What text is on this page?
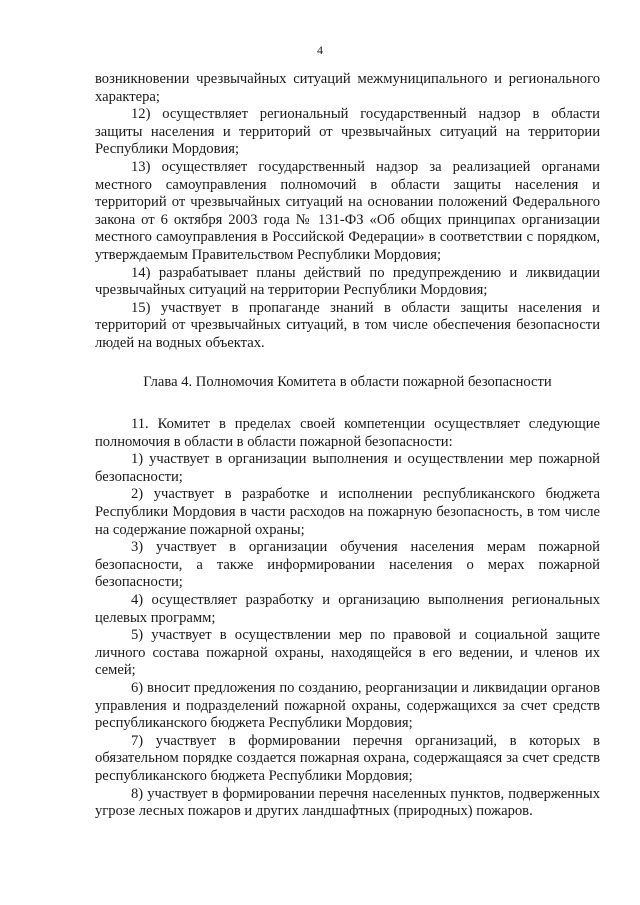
4

возникновении чрезвычайных ситуаций межмуниципального и регионального характера;

12) осуществляет региональный государственный надзор в области защиты населения и территорий от чрезвычайных ситуаций на территории Республики Мордовия;

13) осуществляет государственный надзор за реализацией органами местного самоуправления полномочий в области защиты населения и территорий от чрезвычайных ситуаций на основании положений Федерального закона от 6 октября 2003 года № 131-ФЗ «Об общих принципах организации местного самоуправления в Российской Федерации» в соответствии с порядком, утверждаемым Правительством Республики Мордовия;

14) разрабатывает планы действий по предупреждению и ликвидации чрезвычайных ситуаций на территории Республики Мордовия;

15) участвует в пропаганде знаний в области защиты населения и территорий от чрезвычайных ситуаций, в том числе обеспечения безопасности людей на водных объектах.

Глава 4. Полномочия Комитета в области пожарной безопасности

11. Комитет в пределах своей компетенции осуществляет следующие полномочия в области в области пожарной безопасности:

1) участвует в организации выполнения и осуществлении мер пожарной безопасности;

2) участвует в разработке и исполнении республиканского бюджета Республики Мордовия в части расходов на пожарную безопасность, в том числе на содержание пожарной охраны;

3) участвует в организации обучения населения мерам пожарной безопасности, а также информировании населения о мерах пожарной безопасности;

4) осуществляет разработку и организацию выполнения региональных целевых программ;

5) участвует в осуществлении мер по правовой и социальной защите личного состава пожарной охраны, находящейся в его ведении, и членов их семей;

6) вносит предложения по созданию, реорганизации и ликвидации органов управления и подразделений пожарной охраны, содержащихся за счет средств республиканского бюджета Республики Мордовия;

7) участвует в формировании перечня организаций, в которых в обязательном порядке создается пожарная охрана, содержащаяся за счет средств республиканского бюджета Республики Мордовия;

8) участвует в формировании перечня населенных пунктов, подверженных угрозе лесных пожаров и других ландшафтных (природных) пожаров.
